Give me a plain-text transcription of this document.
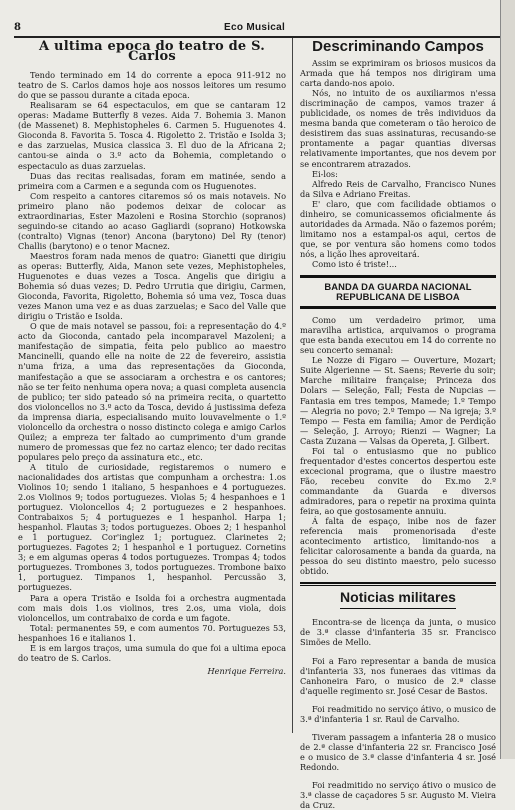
8	Eco Musical
A ultima epoca do teatro de S. Carlos

Tendo terminado em 14 do corrente a epoca 911-912 no teatro de S. Carlos damos hoje aos nossos leitores um resumo do que se passou durante a citada epoca.

Realisaram se 64 espectaculos, em que se cantaram 12 operas: Madame Butterfly 8 vezes. Aida 7. Bohemia 3. Manon (de Massenet) 8. Mephistopheles 6. Carmen 5. Huguenotes 4. Gioconda 8. Favorita 5. Tosca 4. Rigoletto 2. Tristão e Isolda 3; e das zarzuelas, Musica classica 3. El duo de la Africana 2; cantou-se ainda o 3.º acto da Bohemia, completando o espectaculo as duas zarzuelas.

Duas das recitas realisadas, foram em matinée, sendo a primeira com a Carmen e a segunda com os Huguenotes.

Com respeito a cantores citaremos só os mais notaveis. No primeiro plano não podemos deixar de colocar as extraordinarias, Ester Mazoleni e Rosina Storchio (sopranos) seguindo-se citando ao acaso Gagliardi (soprano) Hotkowska (contralto) Vignas (tenor) Ancona (barytono) Del Ry (tenor) Challis (barytono) e o tenor Macnez.

Maestros foram nada menos de quatro: Gianetti que dirigiu as operas: Butterfly, Aida, Manon sete vezes, Mephistopheles, Huguenotes e duas vezes a Tosca. Angelis que dirigiu a Bohemia só duas vezes; D. Pedro Urrutia que dirigiu, Carmen, Gioconda, Favorita, Rigoletto, Bohemia só uma vez, Tosca duas vezes Manon uma vez e as duas zarzuelas; e Saco del Valle que dirigiu o Tristão e Isolda.

O que de mais notavel se passou, foi: a representação do 4.º acto da Gioconda, cantado pela incomparavel Mazoleni; a manifestação de simpatia, feita pelo publico ao maestro Mancinelli, quando elle na noite de 22 de fevereiro, assistia n'uma friza, a uma das representações da Gioconda, manifestação a que se associaram a orchestra e os cantores; não se ter feito nenhuma opera nova; a quasi completa ausencia de publico; ter sido pateado só na primeira recita, o quartetto dos violoncellos no 3.º acto da Tosca, devido á justissima defeza da imprensa diaria, especialisando muito louvavelmente o 1.º violoncello da orchestra o nosso distincto colega e amigo Carlos Quilez; a empreza ter faltado ao cumprimento d'um grande numero de promessas que fez no cartaz elenco; ter dado recitas populares pelo preço da assinatura etc., etc.

A titulo de curiosidade, registaremos o numero e nacionalidades dos artistas que compunham a orchestra: 1.os Violinos 10; sendo 1 italiano, 5 hespanhoes e 4 portuguezes. 2.os Violinos 9; todos portuguezes. Violas 5; 4 hespanhoes e 1 portuguez. Violoncellos 4; 2 portuguezes e 2 hespanhoes. Contrabaixos 5; 4 portuguezes e 1 hespanhol. Harpa 1; hespanhol. Flautas 3; todos portuguezes. Oboes 2; 1 hespanhol e 1 portuguez. Cor'inglez 1; portuguez. Clarinetes 2; portuguezes. Fagotes 2; 1 hespanhol e 1 portuguez. Cornetins 3; e em algumas operas 4 todos portuguezes. Trompas 4; todos portuguezes. Trombones 3, todos portuguezes. Trombone baixo 1, portuguez. Timpanos 1, hespanhol. Percussão 3, portuguezes.

Para a opera Tristão e Isolda foi a orchestra augmentada com mais dois 1.os violinos, tres 2.os, uma viola, dois violoncellos, um contrabaixo de corda e um fagote.

Total: permanentes 59, e com aumentos 70. Portuguezes 53, hespanhoes 16 e italianos 1.

E is em largos traços, uma sumula do que foi a ultima epoca do teatro de S. Carlos.

Henrique Ferreira.

Descriminando Campos

Assim se exprimiram os briosos musicos da Armada que há tempos nos dirigiram uma carta dando-nos apoio.

Nós, no intuito de os auxiliarmos n'essa discriminação de campos, vamos trazer á publicidade, os nomes de três individuos da mesma banda que cometeram o tão heroico de desistirem das suas assinaturas, recusando-se prontamente a pagar quantias diversas relativamente importantes, que nos devem por se encontrarem atrazados.

Ei-los:

Alfredo Reis de Carvalho, Francisco Nunes da Silva e Adriano Freitas.

E' claro, que com facilidade obtiamos o dinheiro, se comunicassemos oficialmente ás autoridades da Armada. Não o fazemos porém; limitamo nos a estampal-os aqui, certos de que, se por ventura são homens como todos nós, a lição lhes aproveitará.

Como isto é triste!...

BANDA DA GUARDA NACIONAL REPUBLICANA DE LISBOA

Como um verdadeiro primor, uma maravilha artistica, arquivamos o programa que esta banda executou em 14 do corrente no seu concerto semanal:

Le Nozze di Figaro — Ouverture, Mozart; Suite Algerienne — St. Saens; Reverie du soir; Marche militaire française; Princeza dos Dolars — Seleção, Fall; Festa de Nupcias — Fantasia em tres tempos, Mamede; 1.º Tempo — Alegria no povo; 2.º Tempo — Na igreja; 3.º Tempo — Festa em familia; Amor de Perdição — Seleção, J. Arroyo; Rienzi — Wagner; La Casta Zuzana — Valsas da Opereta, J. Gilbert.

Foi tal o entusiasmo que no publico frequentador d'estes concertos despertou este excecional programa, que o ilustre maestro Fão, recebeu convite do Ex.mo 2.º commandante da Guarda e diversos admiradores, para o repetir na proxima quinta feira, ao que gostosamente annuiu.

Á falta de espaço, inibe nos de fazer referencia mais promenorisada d'este acontecimento artistico, limitando-nos a felicitar calorosamente a banda da guarda, na pessoa do seu distinto maestro, pelo sucesso obtido.

Noticias militares

Encontra-se de licença da junta, o musico de 3.ª classe d'infanteria 35 sr. Francisco Simões de Mello.

Foi a Faro representar a banda de musica d'infanteria 33, nos funeraes das vitimas da Canhoneira Faro, o musico de 2.ª classe d'aquelle regimento sr. José Cesar de Bastos.

Foi readmitido no serviço átivo, o musico de 3.ª d'infanteria 1 sr. Raul de Carvalho.

Tiveram passagem a infanteria 28 o musico de 2.ª classe d'infanteria 22 sr. Francisco José e o musico de 3.ª classe d'infanteria 4 sr. José Redondo.

Foi readmitido no serviço átivo o musico de 3.ª classe de caçadores 5 sr. Augusto M. Vieira da Cruz.
